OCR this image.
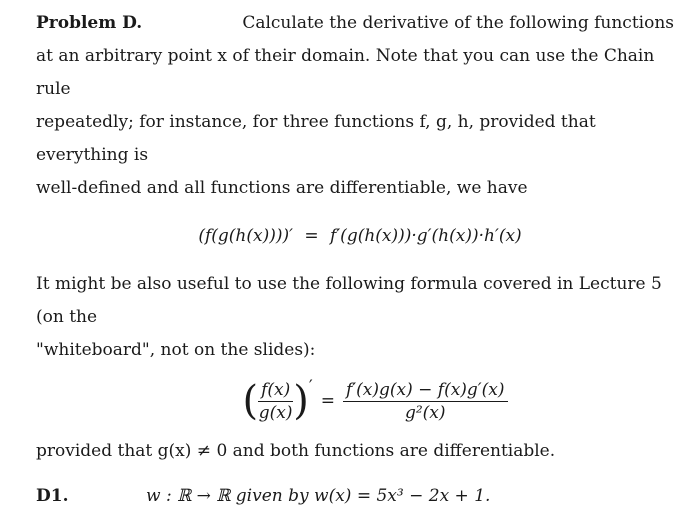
Problem D.	Calculate the derivative of the following functions

at an arbitrary point x of their domain. Note that you can use the Chain rule

repeatedly; for instance, for three functions f, g, h, provided that everything is

well-defined and all functions are differentiable, we have

(f(g(h(x))))′ = f′(g(h(x)))·g′(h(x))·h′(x)

It might be also useful to use the following formula covered in Lecture 5 (on the

"whiteboard", not on the slides):

( $\frac{f(x)}{g(x)}$ ) ′
= $\frac{f'(x)g(x) - f(x)g'(x)}{\text{g²(x)}}$

provided that g(x) ≠ 0 and both functions are differentiable.

D1.	w : ℝ → ℝ given by w(x) = 5x³ − 2x + 1.
